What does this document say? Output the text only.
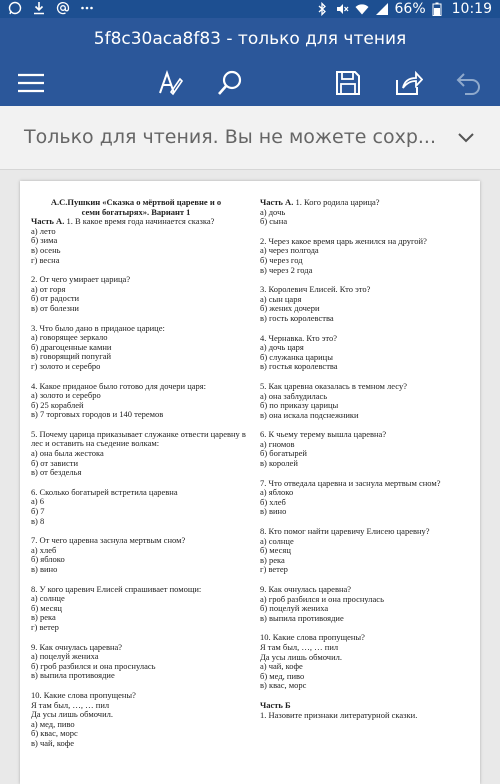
66% 10:19
5f8c30aca8f83 - только для чтения
Только для чтения. Вы не можете сохр...
А.С.Пушкин «Сказка о мёртвой царевне и о
семи богатырях». Вариант 1
Часть А. 1. В какое время года начинается сказка?
а) лето
б) зима
в) осень
г) весна
2. От чего умирает царица?
а) от горя
б) от радости
в) от болезни
3. Что было дано в приданое царице:
а) говорящее зеркало
б) драгоценные камни
в) говорящий попугай
г) золото и серебро
4. Какое приданое было готово для дочери царя:
а) золото и серебро
б) 25 кораблей
в) 7 торговых городов и 140 теремов
5. Почему царица приказывает служанке отвести царевну в лес и оставить на съедение волкам:
а) она была жестока
б) от зависти
в) от безделья
6. Сколько богатырей встретила царевна
а) 6
б) 7
в) 8
7. От чего царевна заснула мертвым сном?
а) хлеб
б) яблоко
в) вино
8. У кого царевич Елисей спрашивает помощи:
а) солнце
б) месяц
в) река
г) ветер
9. Как очнулась царевна?
а) поцелуй жениха
б) гроб разбился и она проснулась
в) выпила противоядие
10. Какие слова пропущены?
Я там был, …, … пил
Да усы лишь обмочил.
а) мед, пиво
б) квас, морс
в) чай, кофе
Часть А. 1. Кого родила царица?
а) дочь
б) сына
2. Через какое время царь женился на другой?
а) через полгода
б) через год
в) через 2 года
3. Королевич Елисей. Кто это?
а) сын царя
б) жених дочери
в) гость королевства
4. Чернавка. Кто это?
а) дочь царя
б) служанка царицы
в) гостья королевства
5. Как царевна оказалась в темном лесу?
а) она заблудилась
б) по приказу царицы
в) она искала подснежники
6. К чьему терему вышла царевна?
а) гномов
б) богатырей
в) королей
7. Что отведала царевна и заснула мертвым сном?
а) яблоко
б) хлеб
в) вино
8. Кто помог найти царевичу Елисею царевну?
а) солнце
б) месяц
в) река
г) ветер
9. Как очнулась царевна?
а) гроб разбился и она проснулась
б) поцелуй жениха
в) выпила противоядие
10. Какие слова пропущены?
Я там был, …, … пил
Да усы лишь обмочил.
а) чай, кофе
б) мед, пиво
в) квас, морс
Часть Б
1. Назовите признаки литературной сказки.
